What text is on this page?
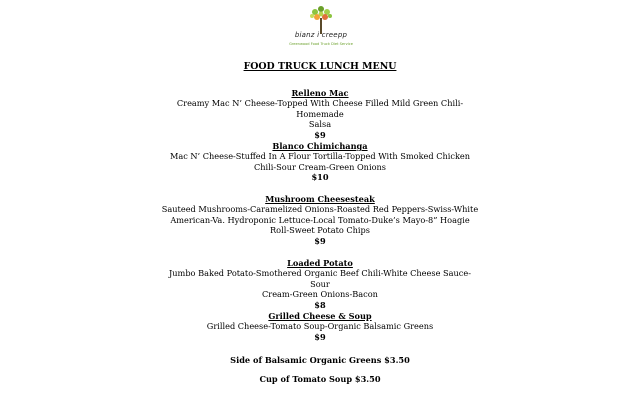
bianz i creepp
Greenwood Food Truck Diet Service
FOOD TRUCK LUNCH MENU
Relleno Mac
Creamy Mac N’ Cheese-Topped With Cheese Filled Mild Green Chili-Homemade
Salsa
$9
Blanco Chimichanga
Mac N’ Cheese-Stuffed In A Flour Tortilla-Topped With Smoked Chicken
Chili-Sour Cream-Green Onions
$10
Mushroom Cheesesteak
Sauteed Mushrooms-Caramelized Onions-Roasted Red Peppers-Swiss-White
American-Va. Hydroponic Lettuce-Local Tomato-Duke’s Mayo-8” Hoagie
Roll-Sweet Potato Chips
$9
Loaded Potato
Jumbo Baked Potato-Smothered Organic Beef Chili-White Cheese Sauce-Sour
Cream-Green Onions-Bacon
$8
Grilled Cheese & Soup
Grilled Cheese-Tomato Soup-Organic Balsamic Greens
$9
Side of Balsamic Organic Greens $3.50
Cup of Tomato Soup $3.50
